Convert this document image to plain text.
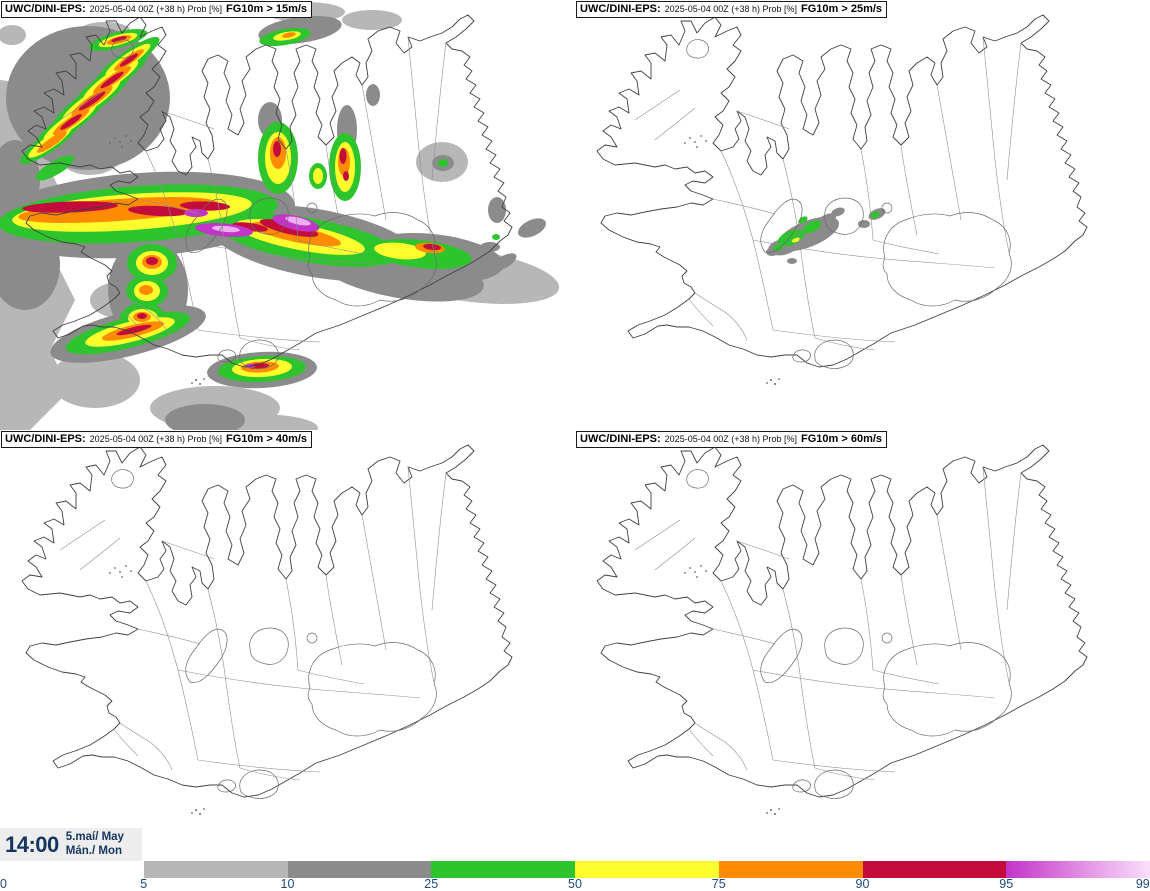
UWC/DINI-EPS: 2025-05-04 00Z (+38 h) Prob [%] FG10m > 15m/s	UWC/DINI-EPS: 2025-05-04 00Z (+38 h) Prob [%] FG10m > 25m/s
UWC/DINI-EPS: 2025-05-04 00Z (+38 h) Prob [%] FG10m > 40m/s	UWC/DINI-EPS: 2025-05-04 00Z (+38 h) Prob [%] FG10m > 60m/s
14:00 5.maí/ May
Mán./ Mon
0	5	10	25	50	75	90	95	99
